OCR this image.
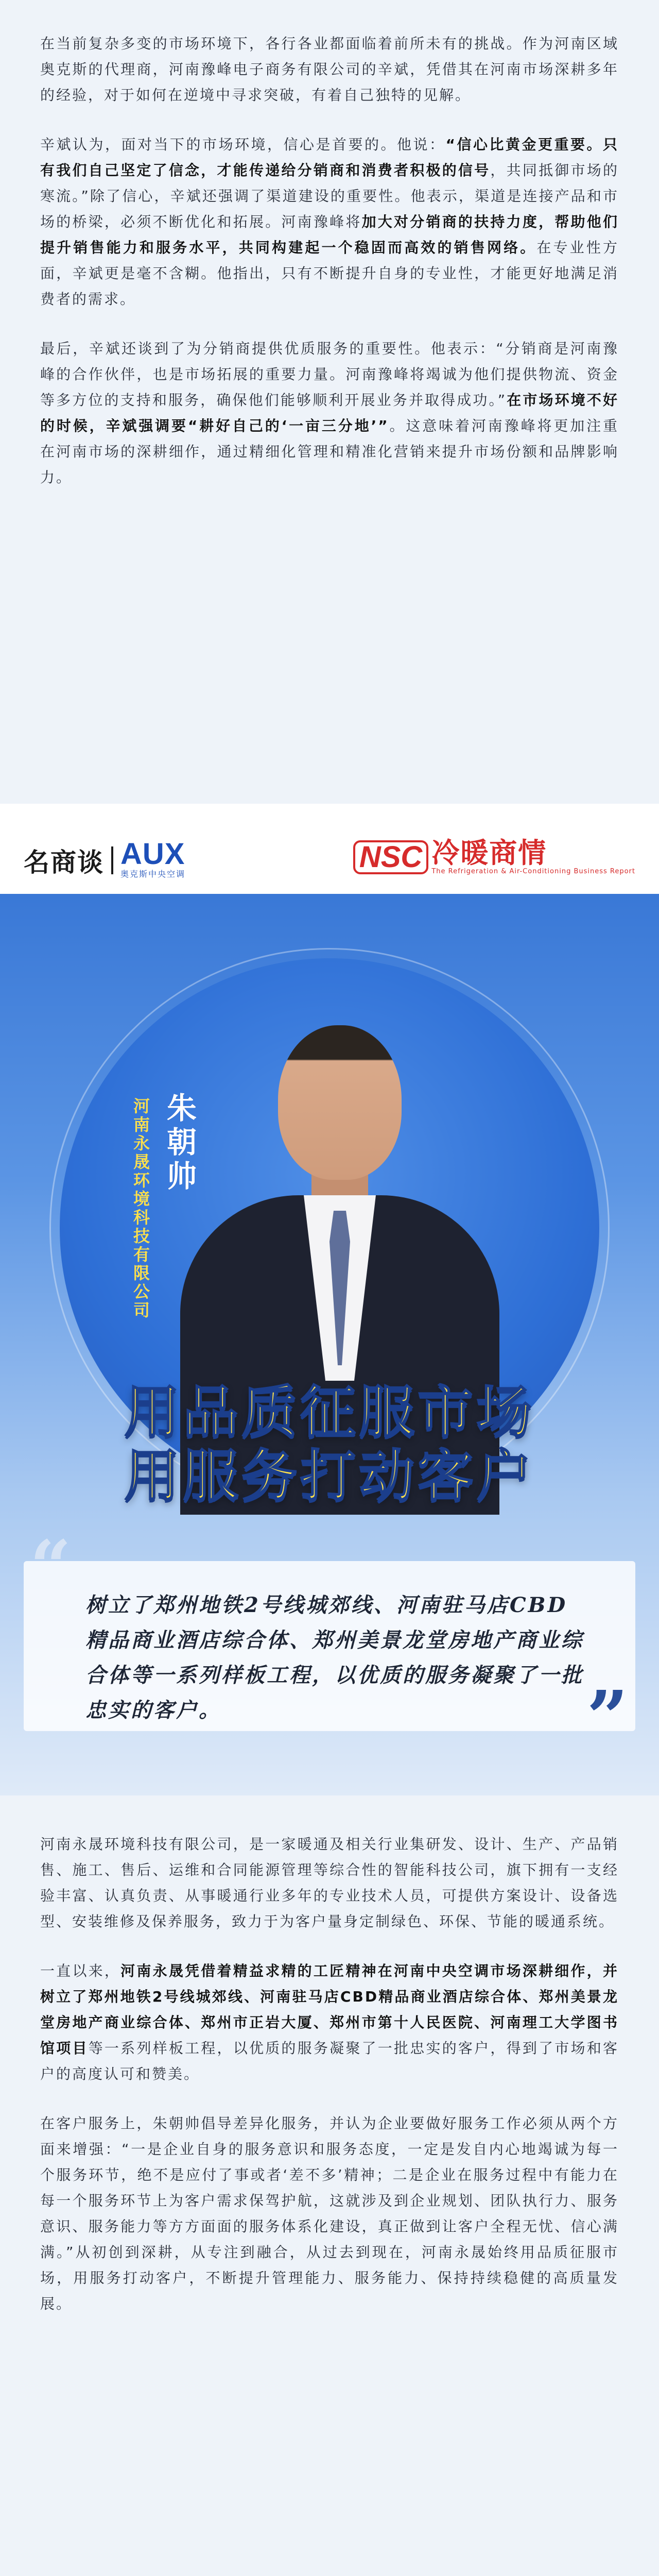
在当前复杂多变的市场环境下，各行各业都面临着前所未有的挑战。作为河南区域奥克斯的代理商，河南豫峰电子商务有限公司的辛斌，凭借其在河南市场深耕多年的经验，对于如何在逆境中寻求突破，有着自己独特的见解。

辛斌认为，面对当下的市场环境，信心是首要的。他说：“信心比黄金更重要。只有我们自己坚定了信念，才能传递给分销商和消费者积极的信号，共同抵御市场的寒流。”除了信心，辛斌还强调了渠道建设的重要性。他表示，渠道是连接产品和市场的桥梁，必须不断优化和拓展。河南豫峰将加大对分销商的扶持力度，帮助他们提升销售能力和服务水平，共同构建起一个稳固而高效的销售网络。在专业性方面，辛斌更是毫不含糊。他指出，只有不断提升自身的专业性，才能更好地满足消费者的需求。

最后，辛斌还谈到了为分销商提供优质服务的重要性。他表示：“分销商是河南豫峰的合作伙伴，也是市场拓展的重要力量。河南豫峰将竭诚为他们提供物流、资金等多方位的支持和服务，确保他们能够顺利开展业务并取得成功。”在市场环境不好的时候，辛斌强调要“耕好自己的‘一亩三分地’”。这意味着河南豫峰将更加注重在河南市场的深耕细作，通过精细化管理和精准化营销来提升市场份额和品牌影响力。

名商谈 AUX
奥克斯中央空调
NSC 冷暖商情
The Refrigeration & Air-Conditioning Business Report
河南永晟环境科技有限公司 朱朝帅
用品质征服市场
用服务打动客户
“ 树立了郑州地铁2号线城郊线、河南驻马店CBD精品商业酒店综合体、郑州美景龙堂房地产商业综合体等一系列样板工程，以优质的服务凝聚了一批忠实的客户。	”

河南永晟环境科技有限公司，是一家暖通及相关行业集研发、设计、生产、产品销售、施工、售后、运维和合同能源管理等综合性的智能科技公司，旗下拥有一支经验丰富、认真负责、从事暖通行业多年的专业技术人员，可提供方案设计、设备选型、安装维修及保养服务，致力于为客户量身定制绿色、环保、节能的暖通系统。

一直以来，河南永晟凭借着精益求精的工匠精神在河南中央空调市场深耕细作，并树立了郑州地铁2号线城郊线、河南驻马店CBD精品商业酒店综合体、郑州美景龙堂房地产商业综合体、郑州市正岩大厦、郑州市第十人民医院、河南理工大学图书馆项目等一系列样板工程，以优质的服务凝聚了一批忠实的客户，得到了市场和客户的高度认可和赞美。

在客户服务上，朱朝帅倡导差异化服务，并认为企业要做好服务工作必须从两个方面来增强：“一是企业自身的服务意识和服务态度，一定是发自内心地竭诚为每一个服务环节，绝不是应付了事或者‘差不多’精神；二是企业在服务过程中有能力在每一个服务环节上为客户需求保驾护航，这就涉及到企业规划、团队执行力、服务意识、服务能力等方方面面的服务体系化建设，真正做到让客户全程无忧、信心满满。”从初创到深耕，从专注到融合，从过去到现在，河南永晟始终用品质征服市场，用服务打动客户，不断提升管理能力、服务能力、保持持续稳健的高质量发展。
